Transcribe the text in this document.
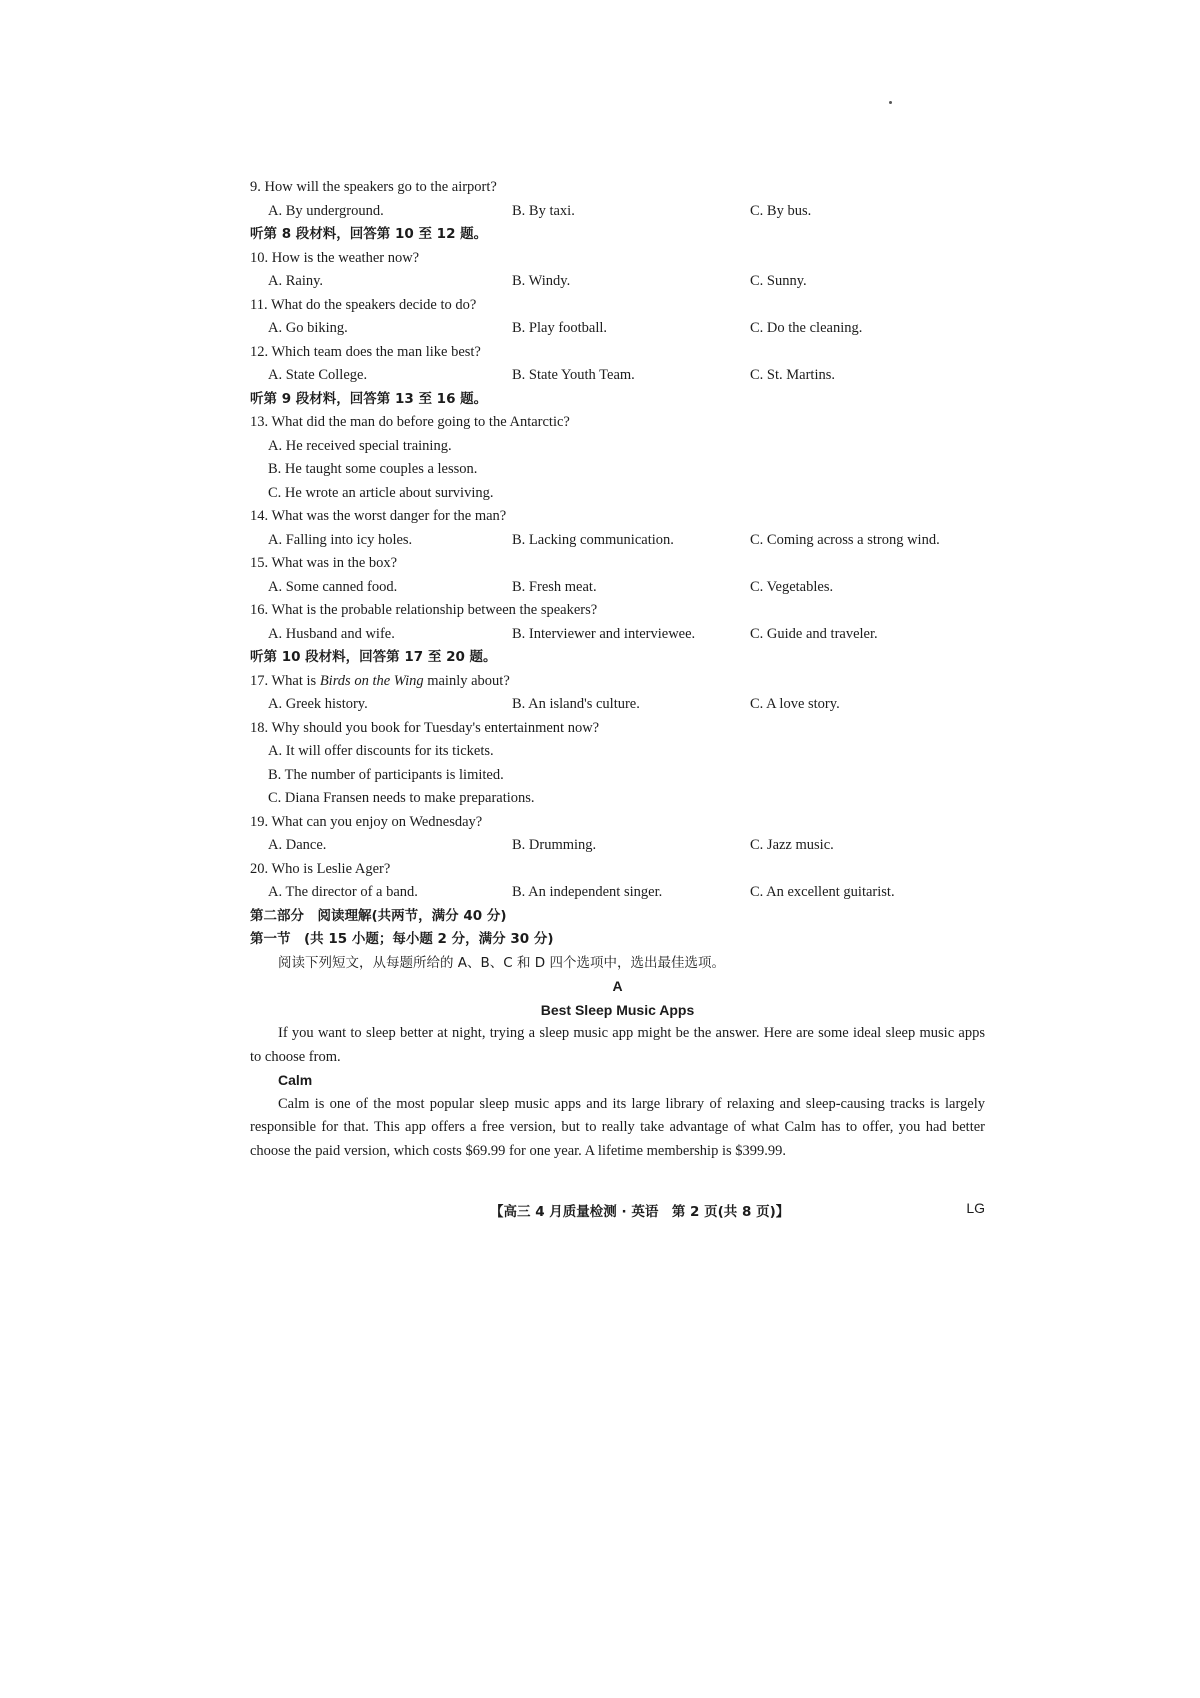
9. How will the speakers go to the airport?
A. By underground.	B. By taxi.	C. By bus.
听第 8 段材料，回答第 10 至 12 题。
10. How is the weather now?
A. Rainy.	B. Windy.	C. Sunny.
11. What do the speakers decide to do?
A. Go biking.	B. Play football.	C. Do the cleaning.
12. Which team does the man like best?
A. State College.	B. State Youth Team.	C. St. Martins.
听第 9 段材料，回答第 13 至 16 题。
13. What did the man do before going to the Antarctic?
A. He received special training.
B. He taught some couples a lesson.
C. He wrote an article about surviving.
14. What was the worst danger for the man?
A. Falling into icy holes.	B. Lacking communication.	C. Coming across a strong wind.
15. What was in the box?
A. Some canned food.	B. Fresh meat.	C. Vegetables.
16. What is the probable relationship between the speakers?
A. Husband and wife.	B. Interviewer and interviewee.	C. Guide and traveler.
听第 10 段材料，回答第 17 至 20 题。
17. What is Birds on the Wing mainly about?
A. Greek history.	B. An island's culture.	C. A love story.
18. Why should you book for Tuesday's entertainment now?
A. It will offer discounts for its tickets.
B. The number of participants is limited.
C. Diana Fransen needs to make preparations.
19. What can you enjoy on Wednesday?
A. Dance.	B. Drumming.	C. Jazz music.
20. Who is Leslie Ager?
A. The director of a band.	B. An independent singer.	C. An excellent guitarist.
第二部分　阅读理解(共两节，满分 40 分)
第一节　(共 15 小题；每小题 2 分，满分 30 分)
阅读下列短文，从每题所给的 A、B、C 和 D 四个选项中，选出最佳选项。
A
Best Sleep Music Apps
If you want to sleep better at night, trying a sleep music app might be the answer. Here are some ideal sleep music apps to choose from.
Calm
Calm is one of the most popular sleep music apps and its large library of relaxing and sleep-causing tracks is largely responsible for that. This app offers a free version, but to really take advantage of what Calm has to offer, you had better choose the paid version, which costs $69.99 for one year. A lifetime membership is $399.99.
【高三 4 月质量检测 · 英语　第 2 页(共 8 页)】	LG
